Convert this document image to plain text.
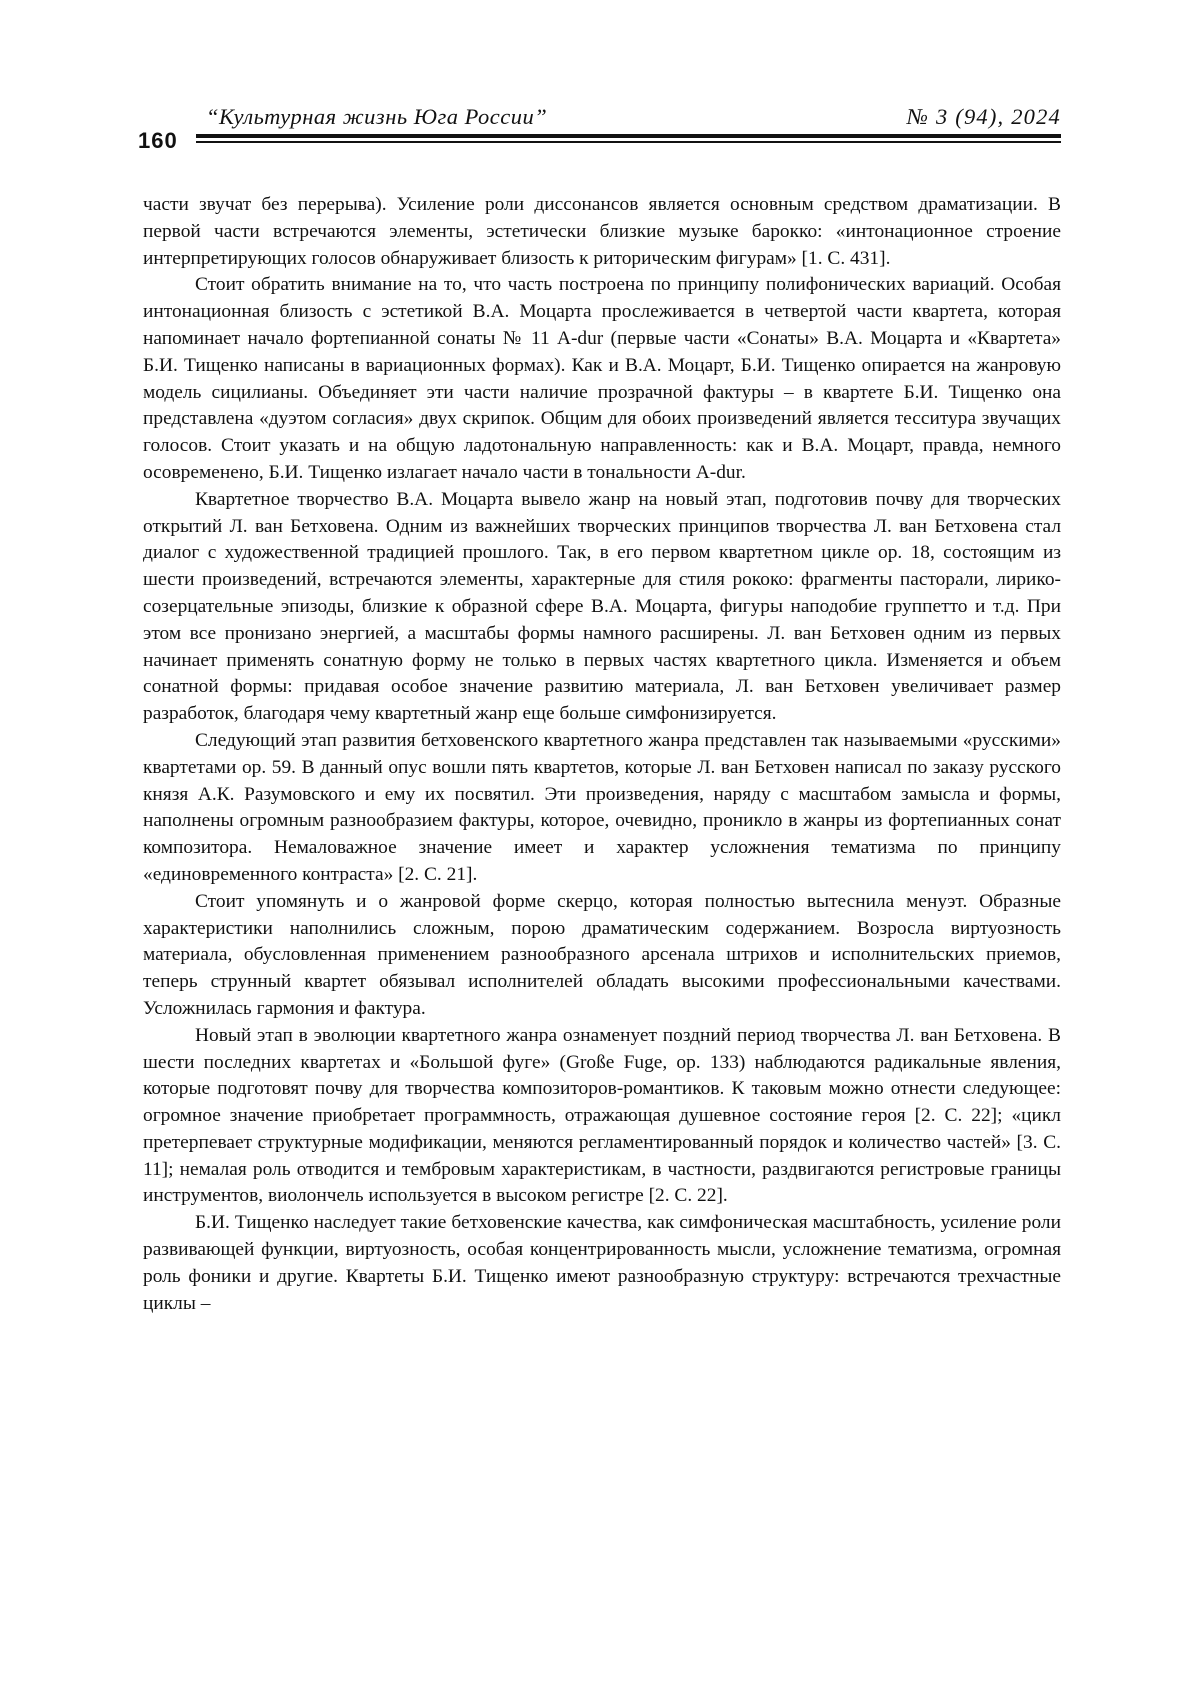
160
“Культурная жизнь Юга России”	№ 3 (94), 2024

части звучат без перерыва). Усиление роли диссонансов является основным средством драматизации. В первой части встречаются элементы, эстетически близкие музыке барокко: «интонационное строение интерпретирующих голосов обнаруживает близость к риторическим фигурам» [1. С. 431].

Стоит обратить внимание на то, что часть построена по принципу полифонических вариаций. Особая интонационная близость с эстетикой В.А. Моцарта прослеживается в четвертой части квартета, которая напоминает начало фортепианной сонаты № 11 A-dur (первые части «Сонаты» В.А. Моцарта и «Квартета» Б.И. Тищенко написаны в вариационных формах). Как и В.А. Моцарт, Б.И. Тищенко опирается на жанровую модель сицилианы. Объединяет эти части наличие прозрачной фактуры – в квартете Б.И. Тищенко она представлена «дуэтом согласия» двух скрипок. Общим для обоих произведений является тесситура звучащих голосов. Стоит указать и на общую ладотональную направленность: как и В.А. Моцарт, правда, немного осовременено, Б.И. Тищенко излагает начало части в тональности A-dur.

Квартетное творчество В.А. Моцарта вывело жанр на новый этап, подготовив почву для творческих открытий Л. ван Бетховена. Одним из важнейших творческих принципов творчества Л. ван Бетховена стал диалог с художественной традицией прошлого. Так, в его первом квартетном цикле ор. 18, состоящим из шести произведений, встречаются элементы, характерные для стиля рококо: фрагменты пасторали, лирико-созерцательные эпизоды, близкие к образной сфере В.А. Моцарта, фигуры наподобие группетто и т.д. При этом все пронизано энергией, а масштабы формы намного расширены. Л. ван Бетховен одним из первых начинает применять сонатную форму не только в первых частях квартетного цикла. Изменяется и объем сонатной формы: придавая особое значение развитию материала, Л. ван Бетховен увеличивает размер разработок, благодаря чему квартетный жанр еще больше симфонизируется.

Следующий этап развития бетховенского квартетного жанра представлен так называемыми «русскими» квартетами ор. 59. В данный опус вошли пять квартетов, которые Л. ван Бетховен написал по заказу русского князя А.К. Разумовского и ему их посвятил. Эти произведения, наряду с масштабом замысла и формы, наполнены огромным разнообразием фактуры, которое, очевидно, проникло в жанры из фортепианных сонат композитора. Немаловажное значение имеет и характер усложнения тематизма по принципу «единовременного контраста» [2. С. 21].

Стоит упомянуть и о жанровой форме скерцо, которая полностью вытеснила менуэт. Образные характеристики наполнились сложным, порою драматическим содержанием. Возросла виртуозность материала, обусловленная применением разнообразного арсенала штрихов и исполнительских приемов, теперь струнный квартет обязывал исполнителей обладать высокими профессиональными качествами. Усложнилась гармония и фактура.

Новый этап в эволюции квартетного жанра ознаменует поздний период творчества Л. ван Бетховена. В шести последних квартетах и «Большой фуге» (Große Fuge, ор. 133) наблюдаются радикальные явления, которые подготовят почву для творчества композиторов-романтиков. К таковым можно отнести следующее: огромное значение приобретает программность, отражающая душевное состояние героя [2. С. 22]; «цикл претерпевает структурные модификации, меняются регламентированный порядок и количество частей» [3. С. 11]; немалая роль отводится и тембровым характеристикам, в частности, раздвигаются регистровые границы инструментов, виолончель используется в высоком регистре [2. С. 22].

Б.И. Тищенко наследует такие бетховенские качества, как симфоническая масштабность, усиление роли развивающей функции, виртуозность, особая концентрированность мысли, усложнение тематизма, огромная роль фоники и другие. Квартеты Б.И. Тищенко имеют разнообразную структуру: встречаются трехчастные циклы –
